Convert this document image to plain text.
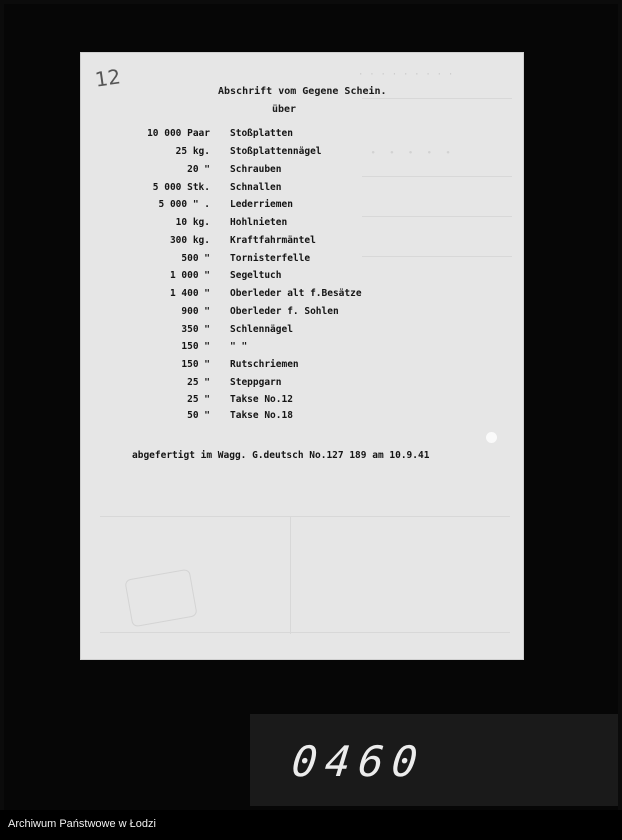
· · · · · · · · ·
· · · · ·
12	Abschrift vom Gegene Schein.
über
10 000 Paar Stoßplatten
25 kg. Stoßplattennägel
20 " Schrauben
5 000 Stk. Schnallen
5 000 " . Lederriemen
10 kg. Hohlnieten
300 kg. Kraftfahrmäntel
500 " Tornisterfelle
1 000 " Segeltuch
1 400 " Oberleder alt f.Besätze
900 " Oberleder f. Sohlen
350 " Schlennägel
150 " " "
150 " Rutschriemen
25 " Steppgarn
25 " Takse No.12
50 " Takse No.18
abgefertigt im Wagg. G.deutsch No.127 189 am 10.9.41
0460
Archiwum Państwowe w Łodzi
